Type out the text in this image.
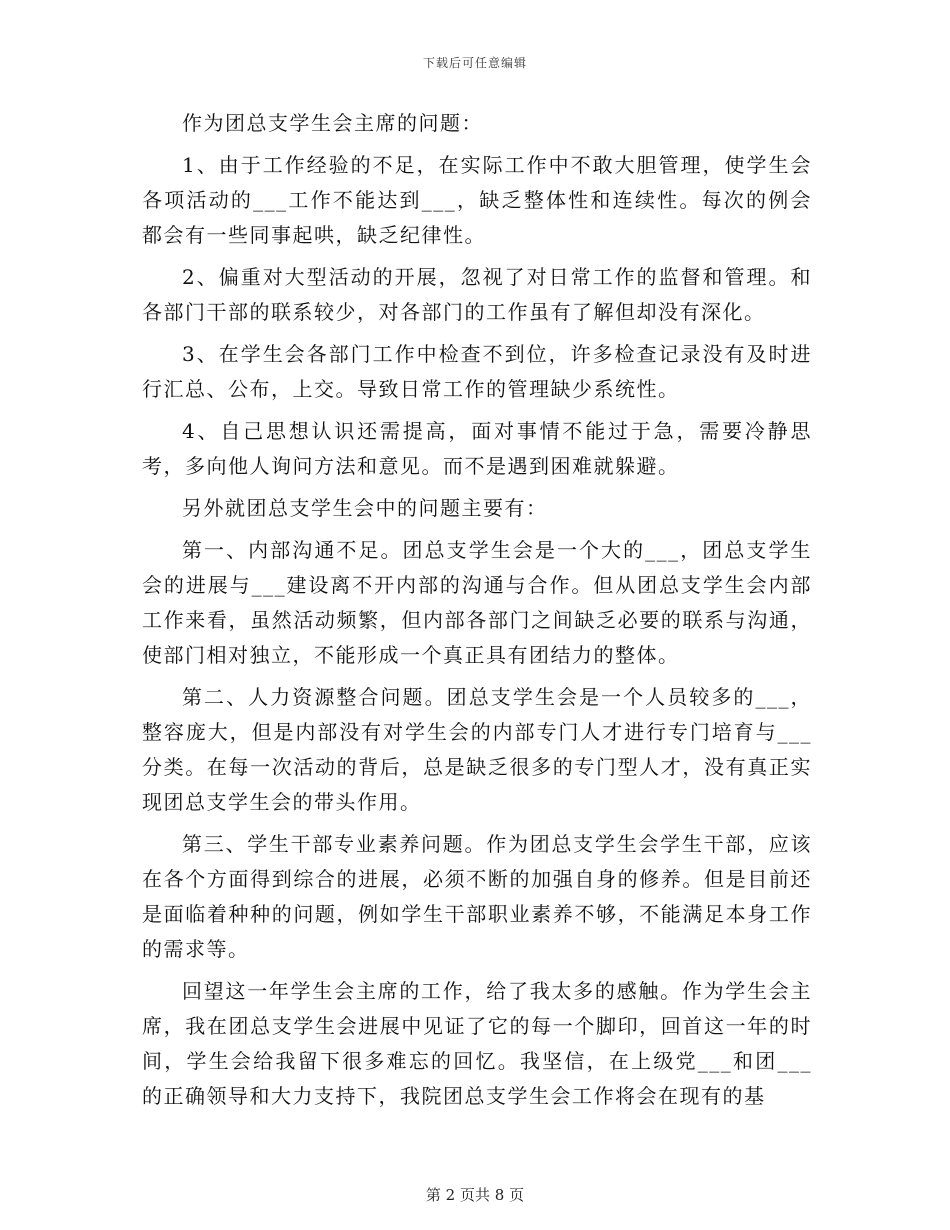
下载后可任意编辑

作为团总支学生会主席的问题：

1、由于工作经验的不足，在实际工作中不敢大胆管理，使学生会各项活动的___工作不能达到___，缺乏整体性和连续性。每次的例会都会有一些同事起哄，缺乏纪律性。

2、偏重对大型活动的开展，忽视了对日常工作的监督和管理。和各部门干部的联系较少，对各部门的工作虽有了解但却没有深化。

3、在学生会各部门工作中检查不到位，许多检查记录没有及时进行汇总、公布，上交。导致日常工作的管理缺少系统性。

4、自己思想认识还需提高，面对事情不能过于急，需要冷静思考，多向他人询问方法和意见。而不是遇到困难就躲避。

另外就团总支学生会中的问题主要有：

第一、内部沟通不足。团总支学生会是一个大的___，团总支学生会的进展与___建设离不开内部的沟通与合作。但从团总支学生会内部工作来看，虽然活动频繁，但内部各部门之间缺乏必要的联系与沟通，使部门相对独立，不能形成一个真正具有团结力的整体。

第二、人力资源整合问题。团总支学生会是一个人员较多的___，整容庞大，但是内部没有对学生会的内部专门人才进行专门培育与___分类。在每一次活动的背后，总是缺乏很多的专门型人才，没有真正实现团总支学生会的带头作用。

第三、学生干部专业素养问题。作为团总支学生会学生干部，应该在各个方面得到综合的进展，必须不断的加强自身的修养。但是目前还是面临着种种的问题，例如学生干部职业素养不够，不能满足本身工作的需求等。

回望这一年学生会主席的工作，给了我太多的感触。作为学生会主席，我在团总支学生会进展中见证了它的每一个脚印，回首这一年的时间，学生会给我留下很多难忘的回忆。我坚信，在上级党___和团___的正确领导和大力支持下，我院团总支学生会工作将会在现有的基

第 2 页共 8 页
